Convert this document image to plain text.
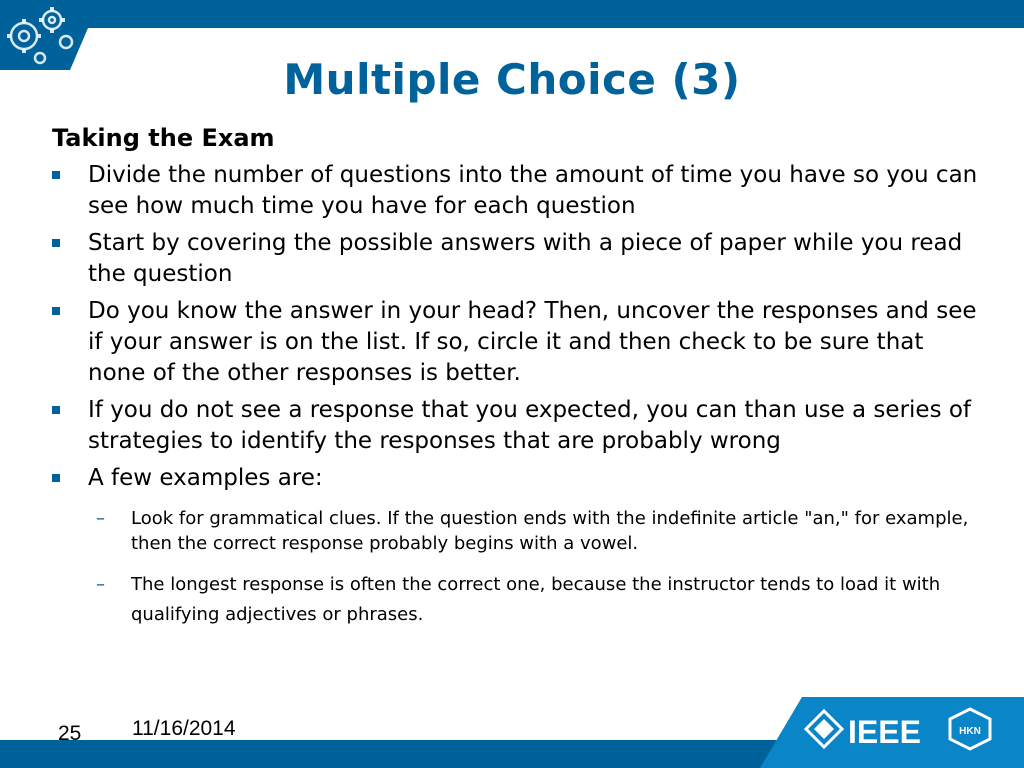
Multiple Choice (3)
Taking the Exam
Divide the number of questions into the amount of time you have so you can see how much time you have for each question
Start by covering the possible answers with a piece of paper while you read the question
Do you know the answer in your head? Then, uncover the responses and see if your answer is on the list. If so, circle it and then check to be sure that none of the other responses is better.
If you do not see a response that you expected, you can than use a series of strategies to identify the responses that are probably wrong
A few examples are:
– Look for grammatical clues. If the question ends with the indefinite article "an," for example, then the correct response probably begins with a vowel.
– The longest response is often the correct one, because the instructor tends to load it with qualifying adjectives or phrases.
IEEE	HKN
25 11/16/2014
